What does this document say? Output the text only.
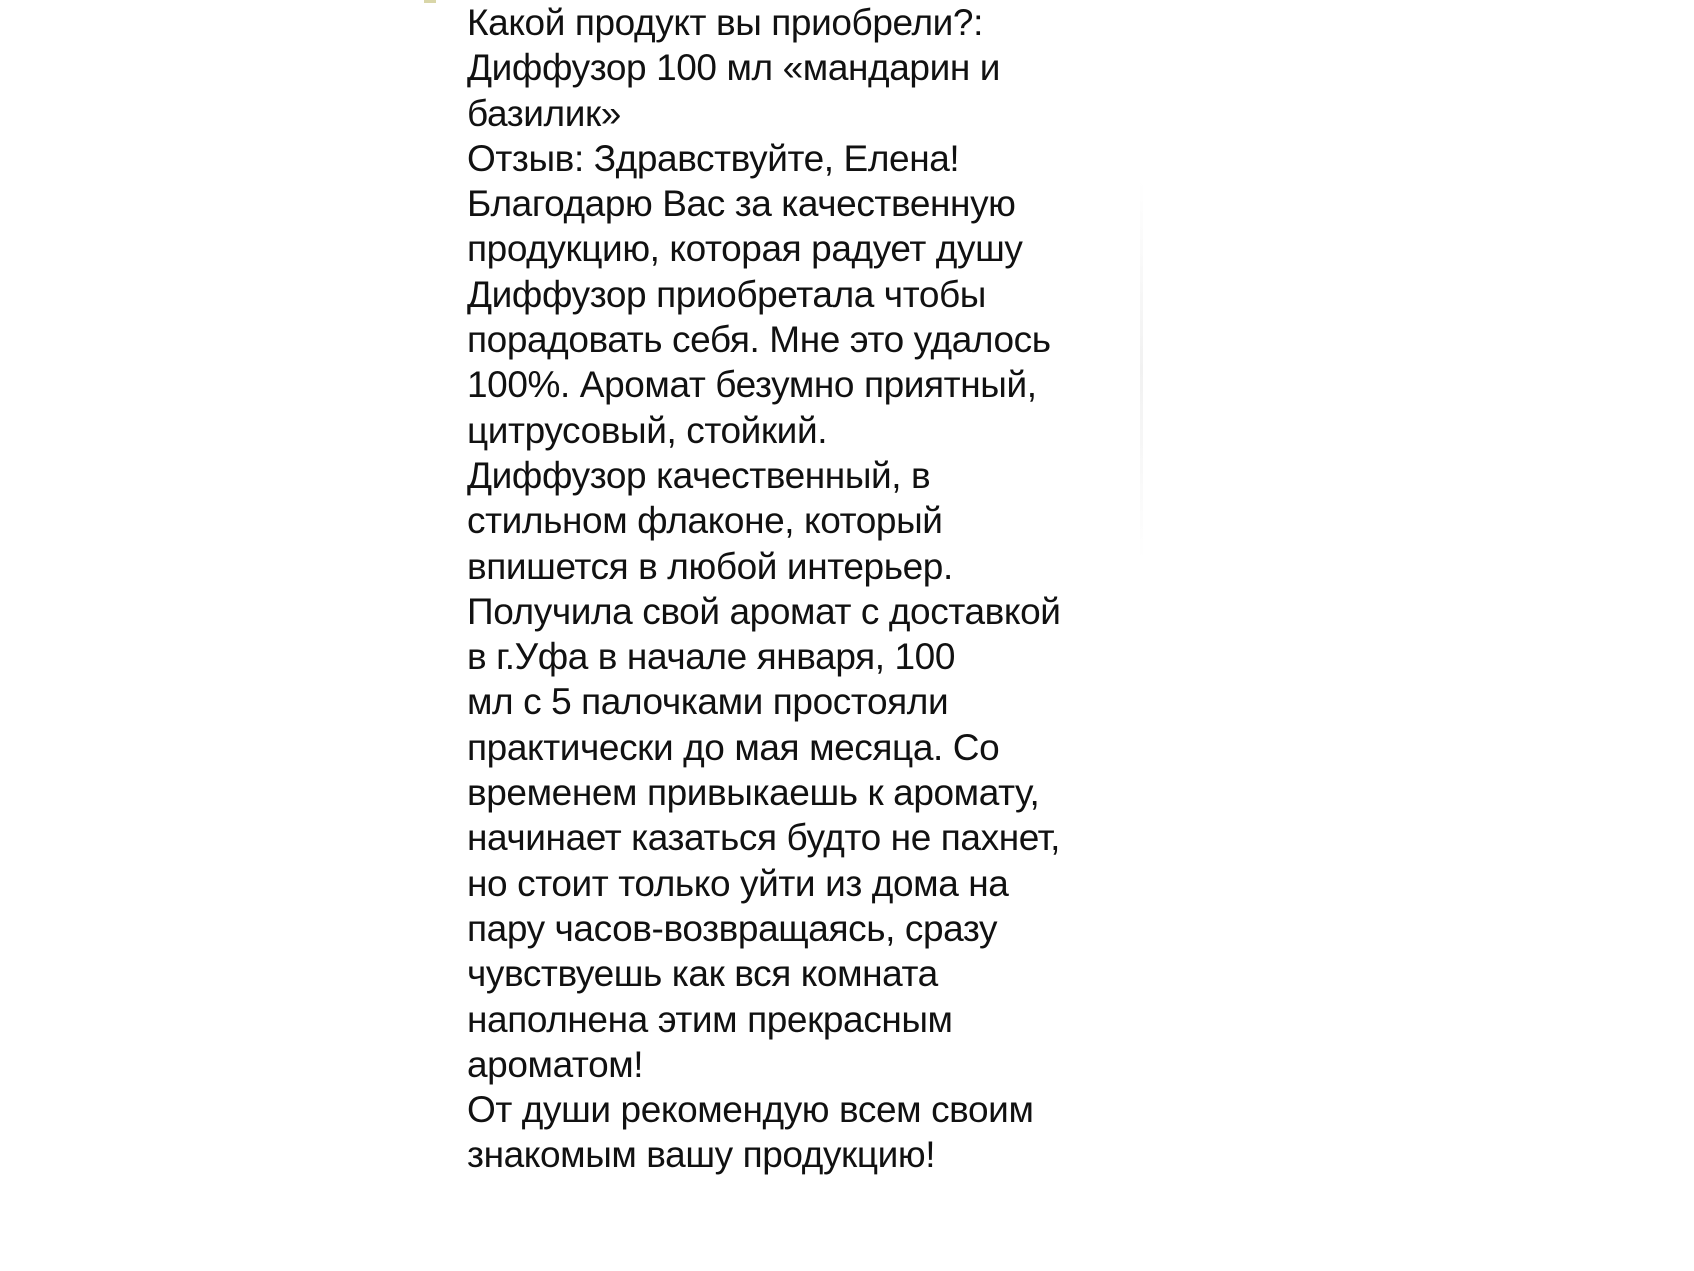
Какой продукт вы приобрели?:
Диффузор 100 мл «мандарин и
базилик»
Отзыв: Здравствуйте, Елена!
Благодарю Вас за качественную
продукцию, которая радует душу
Диффузор приобретала чтобы
порадовать себя. Мне это удалось
100%. Аромат безумно приятный,
цитрусовый, стойкий.
Диффузор качественный, в
стильном флаконе, который
впишется в любой интерьер.
Получила свой аромат с доставкой
в г.Уфа в начале января, 100
мл с 5 палочками простояли
практически до мая месяца. Со
временем привыкаешь к аромату,
начинает казаться будто не пахнет,
но стоит только уйти из дома на
пару часов-возвращаясь, сразу
чувствуешь как вся комната
наполнена этим прекрасным
ароматом!
От души рекомендую всем своим
знакомым вашу продукцию!
